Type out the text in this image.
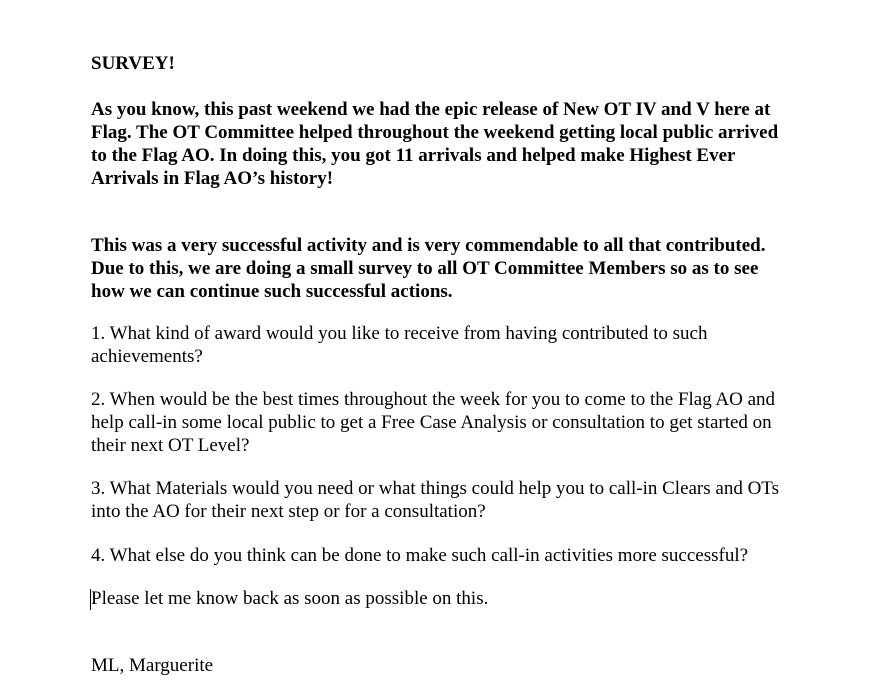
SURVEY!

As you know, this past weekend we had the epic release of New OT IV and V here at Flag. The OT Committee helped throughout the weekend getting local public arrived to the Flag AO. In doing this, you got 11 arrivals and helped make Highest Ever Arrivals in Flag AO’s history!

This was a very successful activity and is very commendable to all that contributed. Due to this, we are doing a small survey to all OT Committee Members so as to see how we can continue such successful actions.

1. What kind of award would you like to receive from having contributed to such achievements?

2. When would be the best times throughout the week for you to come to the Flag AO and help call-in some local public to get a Free Case Analysis or consultation to get started on their next OT Level?

3. What Materials would you need or what things could help you to call-in Clears and OTs into the AO for their next step or for a consultation?

4. What else do you think can be done to make such call-in activities more successful?

Please let me know back as soon as possible on this.

ML, Marguerite
